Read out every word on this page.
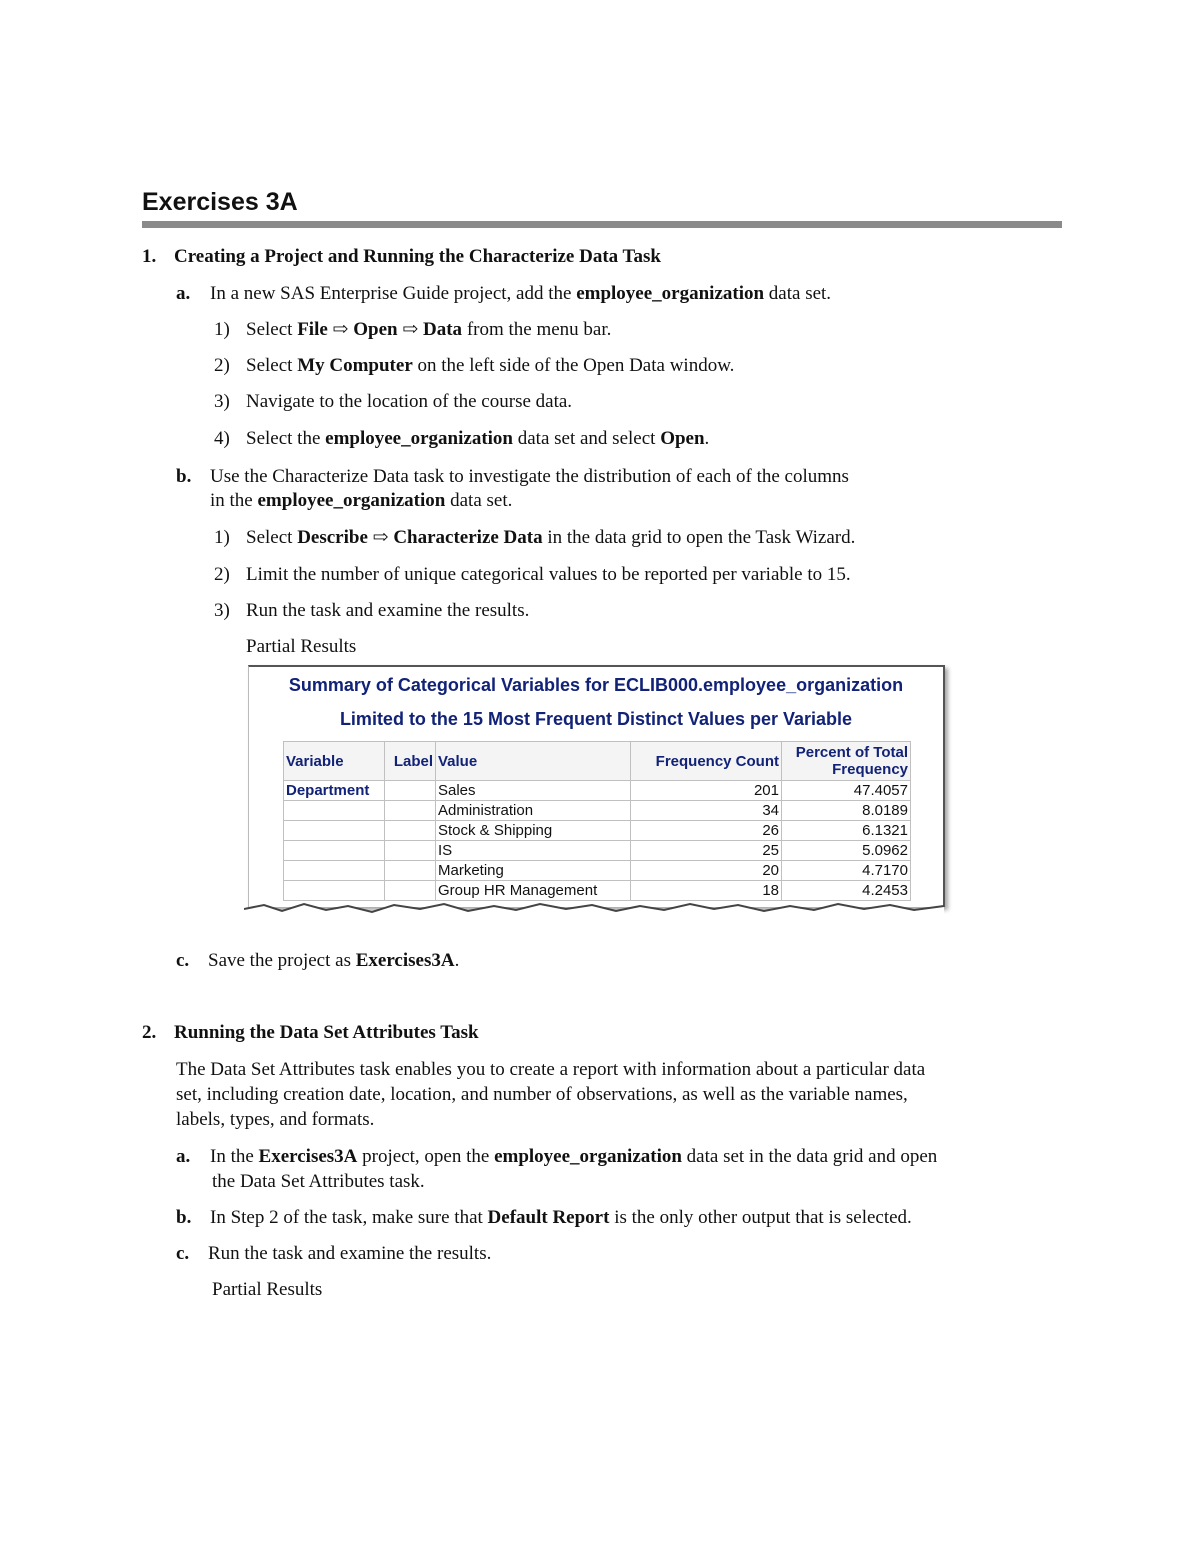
Exercises 3A
1. Creating a Project and Running the Characterize Data Task
a. In a new SAS Enterprise Guide project, add the employee_organization data set.
1) Select File ⇨ Open ⇨ Data from the menu bar.
2) Select My Computer on the left side of the Open Data window.
3) Navigate to the location of the course data.
4) Select the employee_organization data set and select Open.
b. Use the Characterize Data task to investigate the distribution of each of the columns
in the employee_organization data set.
1) Select Describe ⇨ Characterize Data in the data grid to open the Task Wizard.
2) Limit the number of unique categorical values to be reported per variable to 15.
3) Run the task and examine the results.
Partial Results
Summary of Categorical Variables for ECLIB000.employee_organization
Limited to the 15 Most Frequent Distinct Values per Variable
Variable	Label	Value	Frequency Count	Percent of Total Frequency
Department		Sales	201	47.4057
		Administration	34	8.0189
		Stock & Shipping	26	6.1321
		IS	25	5.0962
		Marketing	20	4.7170
		Group HR Management	18	4.2453
c. Save the project as Exercises3A.
2. Running the Data Set Attributes Task
The Data Set Attributes task enables you to create a report with information about a particular data
set, including creation date, location, and number of observations, as well as the variable names,
labels, types, and formats.
a. In the Exercises3A project, open the employee_organization data set in the data grid and open
the Data Set Attributes task.
b. In Step 2 of the task, make sure that Default Report is the only other output that is selected.
c. Run the task and examine the results.
Partial Results
